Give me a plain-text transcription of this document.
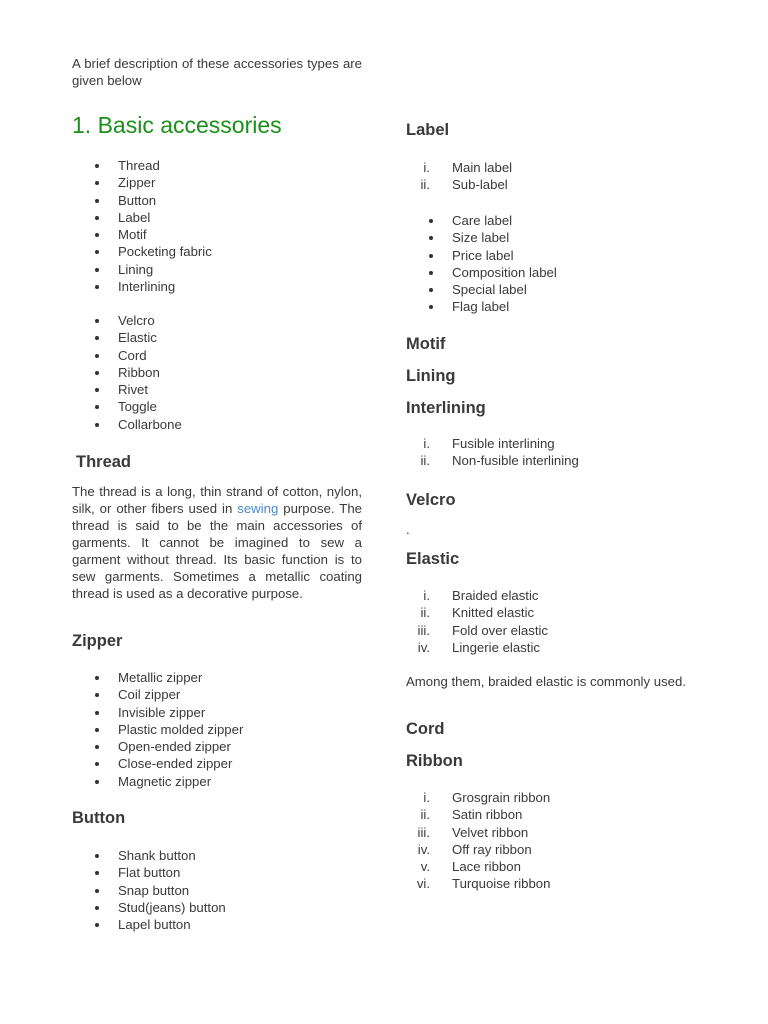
A brief description of these accessories types are given below

1. Basic accessories
Thread
Zipper
Button
Label
Motif
Pocketing fabric
Lining
Interlining
Velcro
Elastic
Cord
Ribbon
Rivet
Toggle
Collarbone
Thread

The thread is a long, thin strand of cotton, nylon, silk, or other fibers used in sewing purpose. The thread is said to be the main accessories of garments. It cannot be imagined to sew a garment without thread. Its basic function is to sew garments. Sometimes a metallic coating thread is used as a decorative purpose.

Zipper
Metallic zipper
Coil zipper
Invisible zipper
Plastic molded zipper
Open-ended zipper
Close-ended zipper
Magnetic zipper
Button
Shank button
Flat button
Snap button
Stud(jeans) button
Lapel button
Label
i. Main label
ii. Sub-label
Care label
Size label
Price label
Composition label
Special label
Flag label
Motif
Lining
Interlining
i. Fusible interlining
ii. Non-fusible interlining
Velcro

.

Elastic
i. Braided elastic
ii. Knitted elastic
iii. Fold over elastic
iv. Lingerie elastic

Among them, braided elastic is commonly used.

Cord
Ribbon
i. Grosgrain ribbon
ii. Satin ribbon
iii. Velvet ribbon
iv. Off ray ribbon
v. Lace ribbon
vi. Turquoise ribbon
